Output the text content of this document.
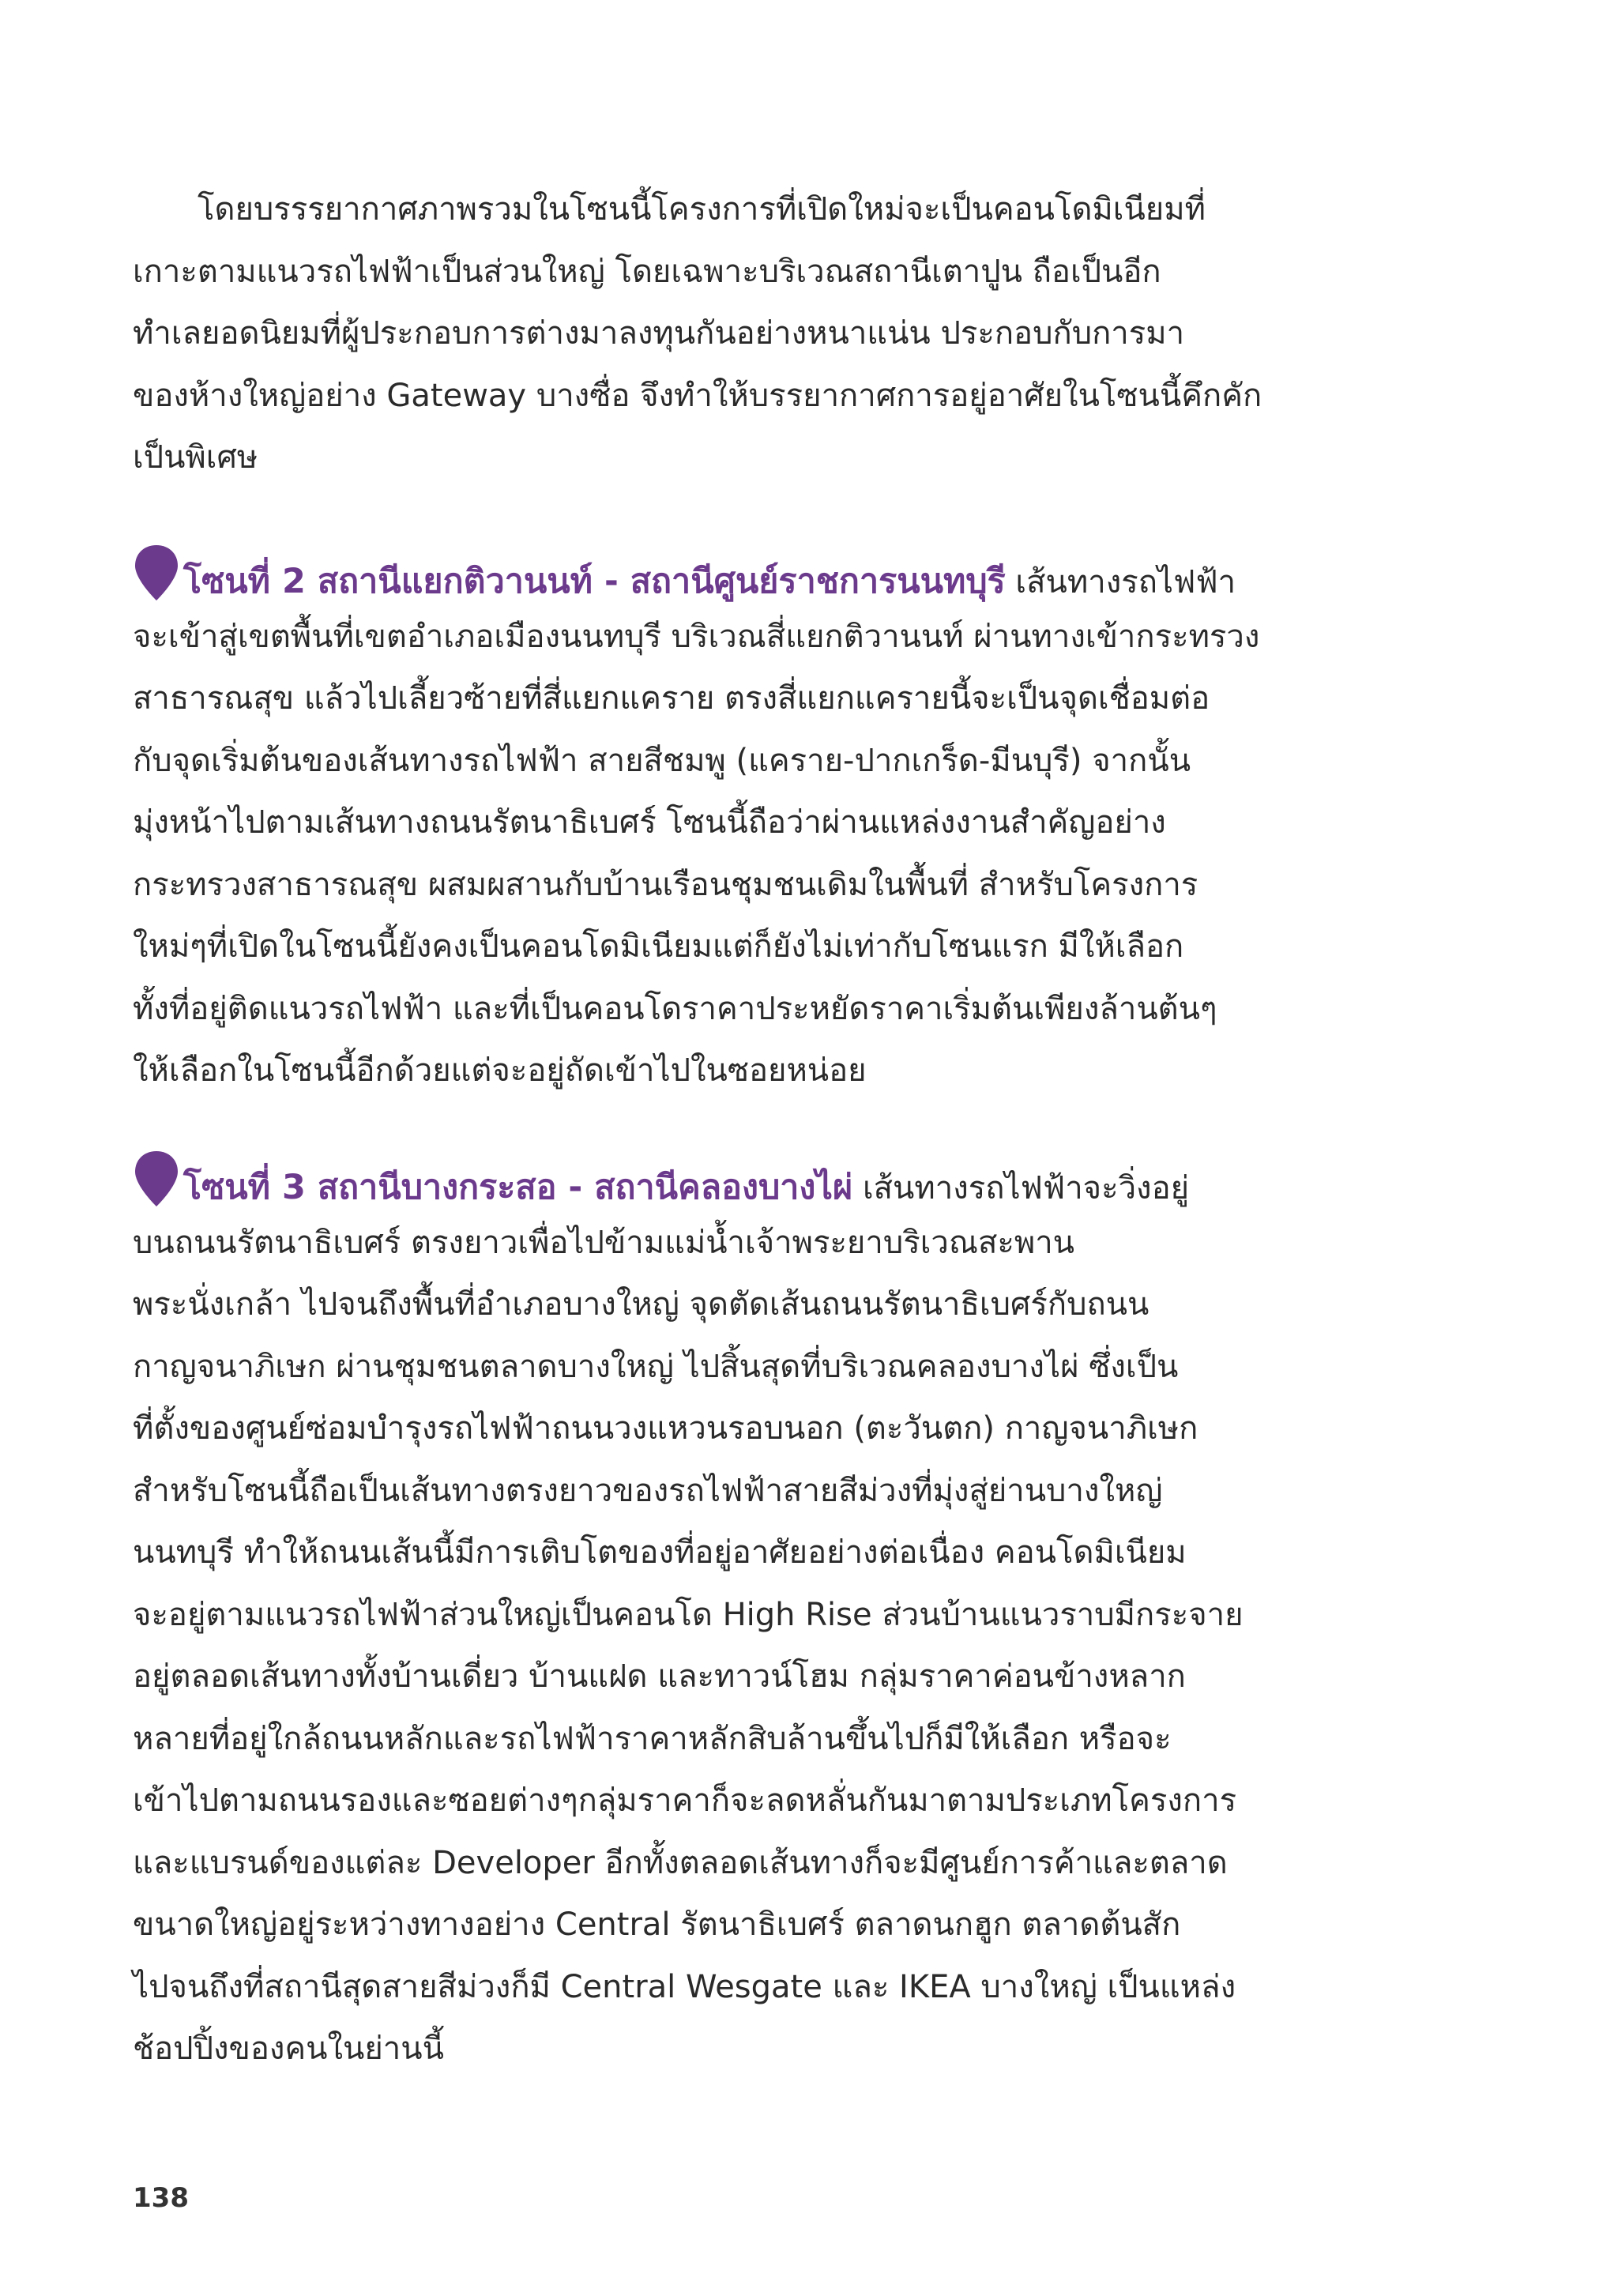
โดยบรรรยากาศภาพรวมในโซนนี้โครงการที่เปิดใหม่จะเป็นคอนโดมิเนียมที่
เกาะตามแนวรถไฟฟ้าเป็นส่วนใหญ่ โดยเฉพาะบริเวณสถานีเตาปูน ถือเป็นอีก
ทำเลยอดนิยมที่ผู้ประกอบการต่างมาลงทุนกันอย่างหนาแน่น ประกอบกับการมา
ของห้างใหญ่อย่าง Gateway บางซื่อ จึงทำให้บรรยากาศการอยู่อาศัยในโซนนี้คึกคัก
เป็นพิเศษ
โซนที่ 2 สถานีแยกติวานนท์ - สถานีศูนย์ราชการนนทบุรี เส้นทางรถไฟฟ้า
จะเข้าสู่เขตพื้นที่เขตอำเภอเมืองนนทบุรี บริเวณสี่แยกติวานนท์ ผ่านทางเข้ากระทรวง
สาธารณสุข แล้วไปเลี้ยวซ้ายที่สี่แยกแคราย ตรงสี่แยกแครายนี้จะเป็นจุดเชื่อมต่อ
กับจุดเริ่มต้นของเส้นทางรถไฟฟ้า สายสีชมพู (แคราย-ปากเกร็ด-มีนบุรี) จากนั้น
มุ่งหน้าไปตามเส้นทางถนนรัตนาธิเบศร์ โซนนี้ถือว่าผ่านแหล่งงานสำคัญอย่าง
กระทรวงสาธารณสุข ผสมผสานกับบ้านเรือนชุมชนเดิมในพื้นที่ สำหรับโครงการ
ใหม่ๆที่เปิดในโซนนี้ยังคงเป็นคอนโดมิเนียมแต่ก็ยังไม่เท่ากับโซนแรก มีให้เลือก
ทั้งที่อยู่ติดแนวรถไฟฟ้า และที่เป็นคอนโดราคาประหยัดราคาเริ่มต้นเพียงล้านต้นๆ
ให้เลือกในโซนนี้อีกด้วยแต่จะอยู่ถัดเข้าไปในซอยหน่อย
โซนที่ 3 สถานีบางกระสอ - สถานีคลองบางไผ่ เส้นทางรถไฟฟ้าจะวิ่งอยู่
บนถนนรัตนาธิเบศร์ ตรงยาวเพื่อไปข้ามแม่น้ำเจ้าพระยาบริเวณสะพาน
พระนั่งเกล้า ไปจนถึงพื้นที่อำเภอบางใหญ่ จุดตัดเส้นถนนรัตนาธิเบศร์กับถนน
กาญจนาภิเษก ผ่านชุมชนตลาดบางใหญ่ ไปสิ้นสุดที่บริเวณคลองบางไผ่ ซึ่งเป็น
ที่ตั้งของศูนย์ซ่อมบำรุงรถไฟฟ้าถนนวงแหวนรอบนอก (ตะวันตก) กาญจนาภิเษก
สำหรับโซนนี้ถือเป็นเส้นทางตรงยาวของรถไฟฟ้าสายสีม่วงที่มุ่งสู่ย่านบางใหญ่
นนทบุรี ทำให้ถนนเส้นนี้มีการเติบโตของที่อยู่อาศัยอย่างต่อเนื่อง คอนโดมิเนียม
จะอยู่ตามแนวรถไฟฟ้าส่วนใหญ่เป็นคอนโด High Rise ส่วนบ้านแนวราบมีกระจาย
อยู่ตลอดเส้นทางทั้งบ้านเดี่ยว บ้านแฝด และทาวน์โฮม กลุ่มราคาค่อนข้างหลาก
หลายที่อยู่ใกล้ถนนหลักและรถไฟฟ้าราคาหลักสิบล้านขึ้นไปก็มีให้เลือก หรือจะ
เข้าไปตามถนนรองและซอยต่างๆกลุ่มราคาก็จะลดหลั่นกันมาตามประเภทโครงการ
และแบรนด์ของแต่ละ Developer อีกทั้งตลอดเส้นทางก็จะมีศูนย์การค้าและตลาด
ขนาดใหญ่อยู่ระหว่างทางอย่าง Central รัตนาธิเบศร์ ตลาดนกฮูก ตลาดต้นสัก
ไปจนถึงที่สถานีสุดสายสีม่วงก็มี Central Wesgate และ IKEA บางใหญ่ เป็นแหล่ง
ช้อปปิ้งของคนในย่านนี้
138
